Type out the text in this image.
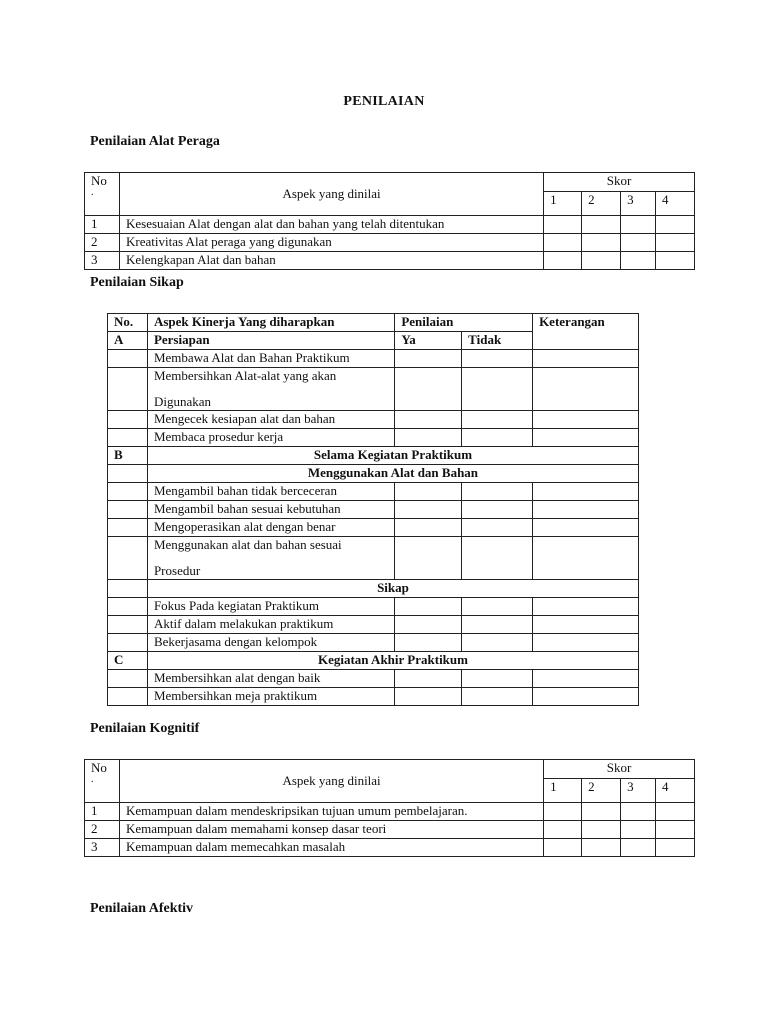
PENILAIAN
Penilaian Alat Peraga
No
.	Aspek yang dinilai	Skor			
		1	2	3	4
1	Kesesuaian Alat dengan alat dan bahan yang telah ditentukan				
2	Kreativitas Alat peraga yang digunakan				
3	Kelengkapan Alat dan bahan				
Penilaian Sikap
No.	Aspek Kinerja Yang diharapkan	Penilaian		Keterangan
A	Persiapan	Ya	Tidak	
	Membawa Alat dan Bahan Praktikum			

	Membersihkan Alat-alat yang akan
Digunakan			

	Mengecek kesiapan alat dan bahan			
	Membaca prosedur kerja			
B	Selama Kegiatan Praktikum			
	Menggunakan Alat dan Bahan			
	Mengambil bahan tidak berceceran			
	Mengambil bahan sesuai kebutuhan			
	Mengoperasikan alat dengan benar			

	Menggunakan alat dan bahan sesuai
Prosedur			

	Sikap			
	Fokus Pada kegiatan Praktikum			
	Aktif dalam melakukan praktikum			
	Bekerjasama dengan kelompok			
C	Kegiatan Akhir Praktikum			
	Membersihkan alat dengan baik			
	Membersihkan meja praktikum			
Penilaian Kognitif
No
.	Aspek yang dinilai	Skor			
		1	2	3	4
1	Kemampuan dalam mendeskripsikan tujuan umum pembelajaran.				
2	Kemampuan dalam memahami konsep dasar teori				
3	Kemampuan dalam memecahkan masalah				
Penilaian Afektiv
